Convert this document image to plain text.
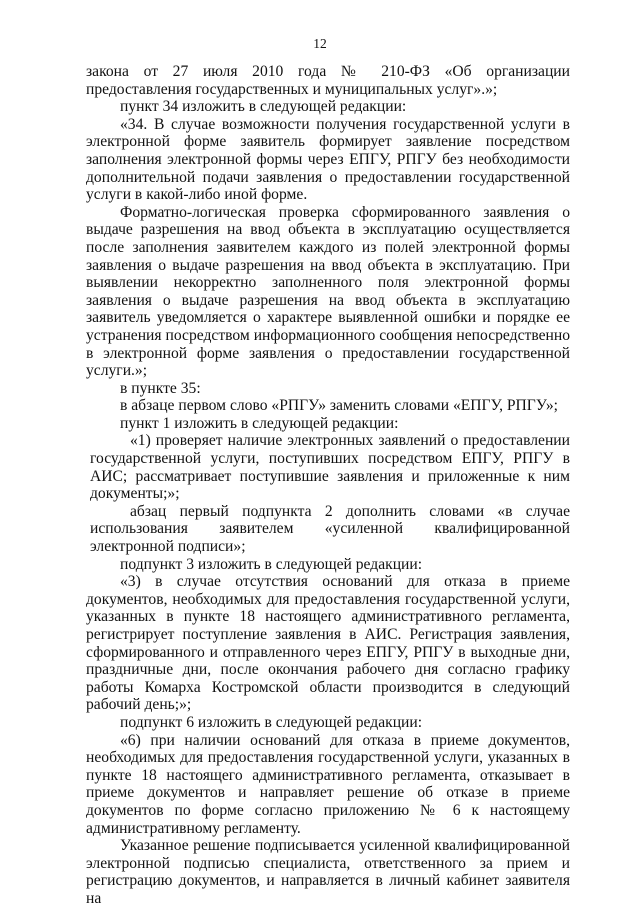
12

закона от 27 июля 2010 года № 210-ФЗ «Об организации предоставления государственных и муниципальных услуг».»;

пункт 34 изложить в следующей редакции:

«34. В случае возможности получения государственной услуги в электронной форме заявитель формирует заявление посредством заполнения электронной формы через ЕПГУ, РПГУ без необходимости дополнительной подачи заявления о предоставлении государственной услуги в какой-либо иной форме.

Форматно-логическая проверка сформированного заявления о выдаче разрешения на ввод объекта в эксплуатацию осуществляется после заполнения заявителем каждого из полей электронной формы заявления о выдаче разрешения на ввод объекта в эксплуатацию. При выявлении некорректно заполненного поля электронной формы заявления о выдаче разрешения на ввод объекта в эксплуатацию заявитель уведомляется о характере выявленной ошибки и порядке ее устранения посредством информационного сообщения непосредственно в электронной форме заявления о предоставлении государственной услуги.»;

в пункте 35:

в абзаце первом слово «РПГУ» заменить словами «ЕПГУ, РПГУ»;

пункт 1 изложить в следующей редакции:

«1) проверяет наличие электронных заявлений о предоставлении государственной услуги, поступивших посредством ЕПГУ, РПГУ в АИС; рассматривает поступившие заявления и приложенные к ним документы;»;

абзац первый подпункта 2 дополнить словами «в случае использования заявителем «усиленной квалифицированной электронной подписи»;

подпункт 3 изложить в следующей редакции:

«3) в случае отсутствия оснований для отказа в приеме документов, необходимых для предоставления государственной услуги, указанных в пункте 18 настоящего административного регламента, регистрирует поступление заявления в АИС. Регистрация заявления, сформированного и отправленного через ЕПГУ, РПГУ в выходные дни, праздничные дни, после окончания рабочего дня согласно графику работы Комарха Костромской области производится в следующий рабочий день;»;

подпункт 6 изложить в следующей редакции:

«6) при наличии оснований для отказа в приеме документов, необходимых для предоставления государственной услуги, указанных в пункте 18 настоящего административного регламента, отказывает в приеме документов и направляет решение об отказе в приеме документов по форме согласно приложению № 6 к настоящему административному регламенту.

Указанное решение подписывается усиленной квалифицированной электронной подписью специалиста, ответственного за прием и регистрацию документов, и направляется в личный кабинет заявителя на
